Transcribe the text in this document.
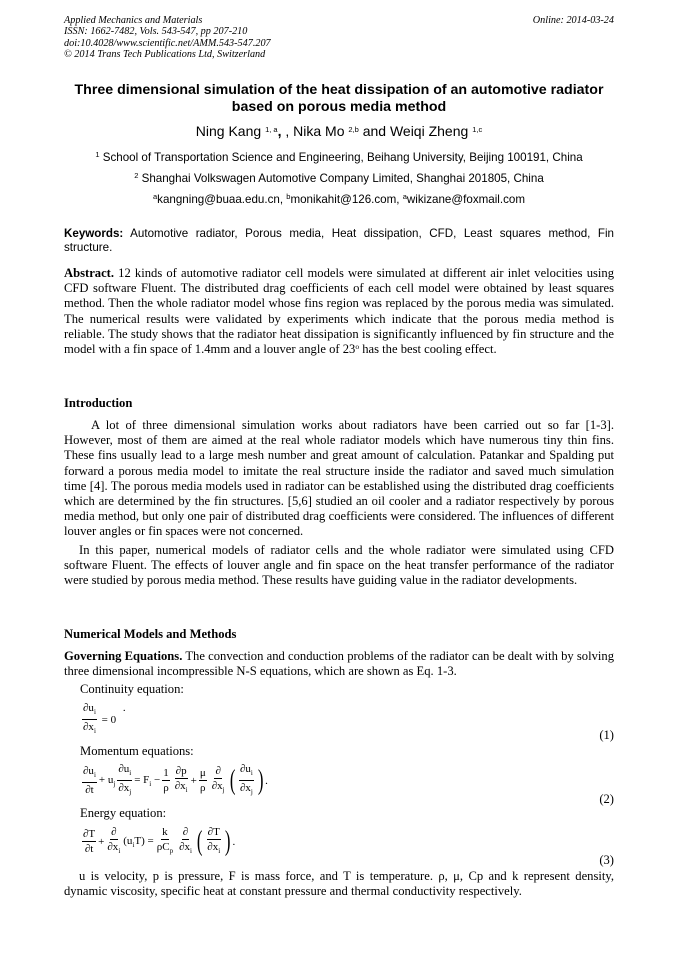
Applied Mechanics and Materials
ISSN: 1662-7482, Vols. 543-547, pp 207-210
doi:10.4028/www.scientific.net/AMM.543-547.207
© 2014 Trans Tech Publications Ltd, Switzerland
Online: 2014-03-24
Three dimensional simulation of the heat dissipation of an automotive radiator based on porous media method
Ning Kang $^{1, a}$, , Nika Mo $^{2,b}$ and Weiqi Zheng $^{1,c}$
$^1$ School of Transportation Science and Engineering, Beihang University, Beijing 100191, China
$^2$ Shanghai Volkswagen Automotive Company Limited, Shanghai 201805, China
$^a$kangning@buaa.edu.cn, $^b$monikahit@126.com, $^a$wikizane@foxmail.com
Keywords: Automotive radiator, Porous media, Heat dissipation, CFD, Least squares method, Fin structure.
Abstract. 12 kinds of automotive radiator cell models were simulated at different air inlet velocities using CFD software Fluent. The distributed drag coefficients of each cell model were obtained by least squares method. Then the whole radiator model whose fins region was replaced by the porous media was simulated. The numerical results were validated by experiments which indicate that the porous media method is reliable. The study shows that the radiator heat dissipation is significantly influenced by fin structure and the model with a fin space of 1.4mm and a louver angle of 23$^o$ has the best cooling effect.
Introduction
A lot of three dimensional simulation works about radiators have been carried out so far [1-3]. However, most of them are aimed at the real whole radiator models which have numerous tiny thin fins. These fins usually lead to a large mesh number and great amount of calculation. Patankar and Spalding put forward a porous media model to imitate the real structure inside the radiator and saved much simulation time [4]. The porous media models used in radiator can be established using the distributed drag coefficients which are determined by the fin structures. [5,6] studied an oil cooler and a radiator respectively by porous media method, but only one pair of distributed drag coefficients were considered. The influences of different louver angles or fin spaces were not concerned.
In this paper, numerical models of radiator cells and the whole radiator were simulated using CFD software Fluent. The effects of louver angle and fin space on the heat transfer performance of the radiator were studied by porous media method. These results have guiding value in the radiator developments.
Numerical Models and Methods
Governing Equations. The convection and conduction problems of the radiator can be dealt with by solving three dimensional incompressible N-S equations, which are shown as Eq. 1-3.
Continuity equation:
$\frac{\partial u_i}{\partial x_i} = 0$
.
(1)
Momentum equations:
$\frac{\partial u_i}{\partial t} + u_j \frac{\partial u_i}{\partial x_j} = F_i - \frac{1}{\rho} \frac{\partial p}{\partial x_i} + \frac{\mu}{\rho} \frac{\partial}{\partial x_j}$ ( $\frac{\partial u_i}{\partial x_j}$ ) .
(2)
Energy equation:
$\frac{\partial T}{\partial t} + \frac{\partial}{\partial x_i} (u_iT) = \frac{k}{\rho C_p} \frac{\partial}{\partial x_i}$ ( $\frac{\partial T}{\partial x_i}$ ) .
(3)
u is velocity, p is pressure, F is mass force, and T is temperature. ρ, μ, Cp and k represent density, dynamic viscosity, specific heat at constant pressure and thermal conductivity respectively.
